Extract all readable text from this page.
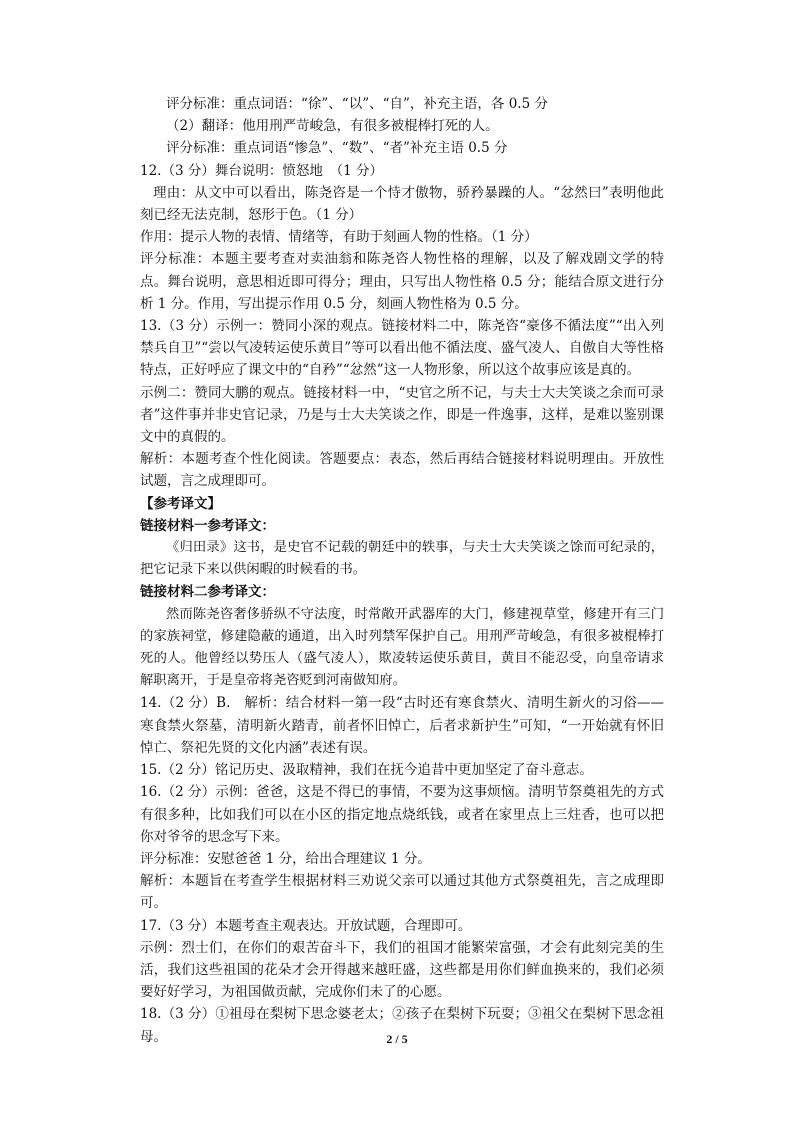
评分标准：重点词语：“徐”、“以”、“自”，补充主语，各 0.5 分

（2）翻译：他用刑严苛峻急，有很多被棍棒打死的人。

评分标准：重点词语“惨急”、“数”、“者”补充主语 0.5 分

12.（3 分）舞台说明：愤怒地　（1 分）

理由：从文中可以看出，陈尧咨是一个恃才傲物，骄矜暴躁的人。“忿然曰”表明他此刻已经无法克制，怒形于色。（1 分）

作用：提示人物的表情、情绪等，有助于刻画人物的性格。（1 分）

评分标准：本题主要考查对卖油翁和陈尧咨人物性格的理解，以及了解戏剧文学的特点。舞台说明，意思相近即可得分；理由，只写出人物性格 0.5 分；能结合原文进行分析 1 分。作用，写出提示作用 0.5 分，刻画人物性格为 0.5 分。

13.（3 分）示例一：赞同小深的观点。链接材料二中，陈尧咨“豪侈不循法度”“出入列禁兵自卫”“尝以气凌转运使乐黄目”等可以看出他不循法度、盛气凌人、自傲自大等性格特点，正好呼应了课文中的“自矜”“忿然”这一人物形象，所以这个故事应该是真的。

示例二：赞同大鹏的观点。链接材料一中，“史官之所不记，与夫士大夫笑谈之余而可录者”这件事并非史官记录，乃是与士大夫笑谈之作，即是一件逸事，这样，是难以鉴别课文中的真假的。

解析：本题考查个性化阅读。答题要点：表态，然后再结合链接材料说明理由。开放性试题，言之成理即可。

【参考译文】

链接材料一参考译文：

《归田录》这书，是史官不记载的朝廷中的轶事，与夫士大夫笑谈之馀而可纪录的，把它记录下来以供闲暇的时候看的书。

链接材料二参考译文：

然而陈尧咨奢侈骄纵不守法度，时常敞开武器库的大门，修建视草堂，修建开有三门的家族祠堂，修建隐蔽的通道，出入时列禁军保护自己。用刑严苛峻急，有很多被棍棒打死的人。他曾经以势压人（盛气凌人），欺凌转运使乐黄目，黄目不能忍受，向皇帝请求解职离开，于是皇帝将尧咨贬到河南做知府。

14.（2 分）B.　解析：结合材料一第一段“古时还有寒食禁火、清明生新火的习俗——寒食禁火祭墓，清明新火踏青，前者怀旧悼亡，后者求新护生”可知，“一开始就有怀旧悼亡、祭祀先贤的文化内涵”表述有误。

15.（2 分）铭记历史、汲取精神，我们在抚今追昔中更加坚定了奋斗意志。

16.（2 分）示例：爸爸，这是不得已的事情，不要为这事烦恼。清明节祭奠祖先的方式有很多种，比如我们可以在小区的指定地点烧纸钱，或者在家里点上三炷香，也可以把你对爷爷的思念写下来。

评分标准：安慰爸爸 1 分，给出合理建议 1 分。

解析：本题旨在考查学生根据材料三劝说父亲可以通过其他方式祭奠祖先，言之成理即可。

17.（3 分）本题考查主观表达。开放试题，合理即可。

示例：烈士们，在你们的艰苦奋斗下，我们的祖国才能繁荣富强，才会有此刻完美的生活，我们这些祖国的花朵才会开得越来越旺盛，这些都是用你们鲜血换来的，我们必须要好好学习，为祖国做贡献，完成你们未了的心愿。

18.（3 分）①祖母在梨树下思念婆老太；②孩子在梨树下玩耍；③祖父在梨树下思念祖母。	2 / 5
